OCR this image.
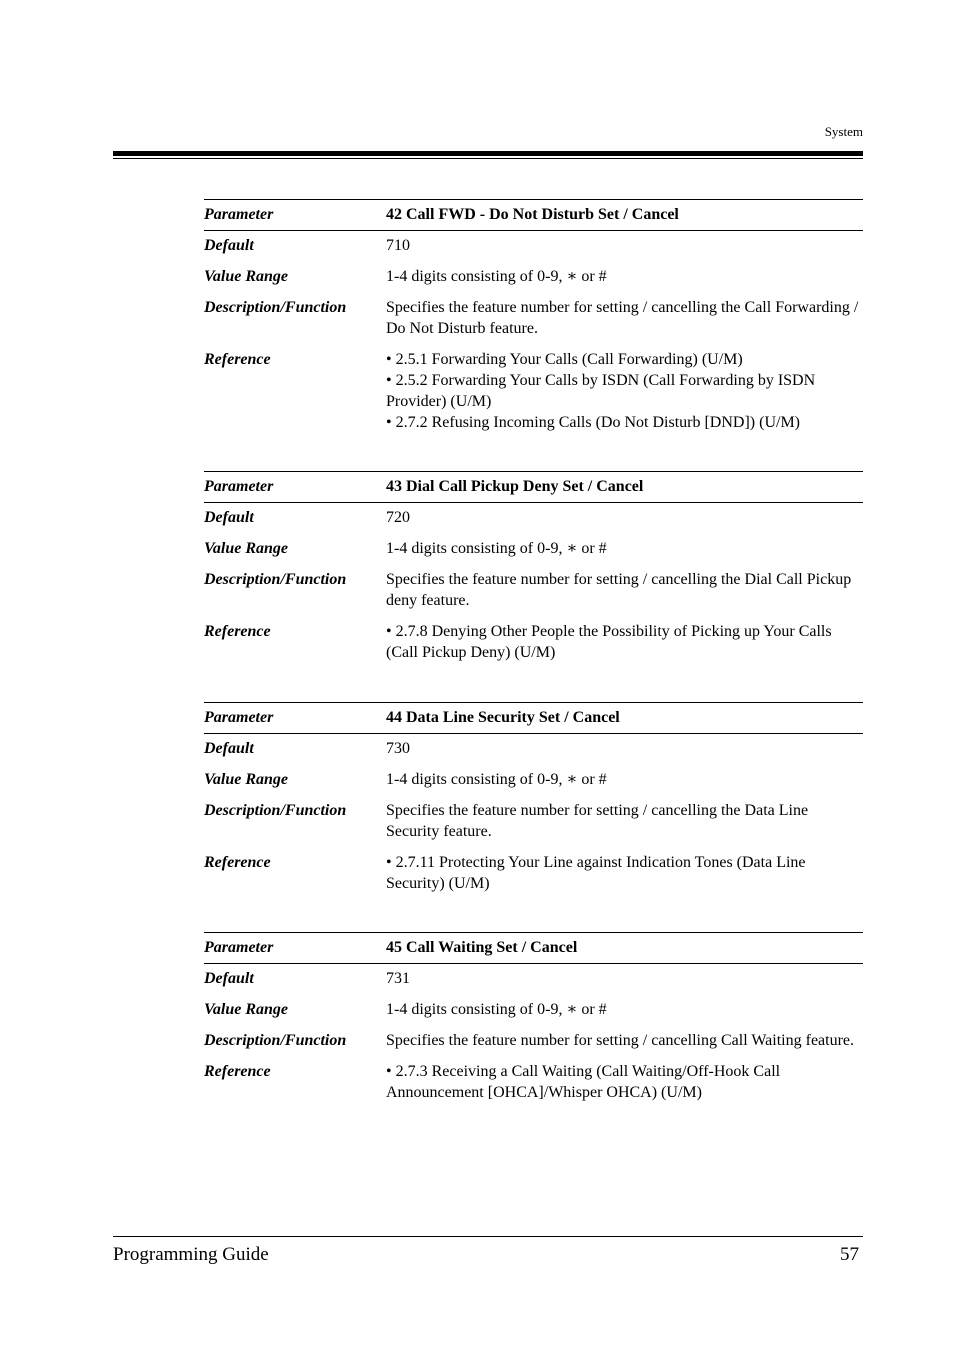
System
Parameter	42 Call FWD - Do Not Disturb Set / Cancel
Default	710
Value Range	1-4 digits consisting of 0-9, ∗ or #
Description/Function	Specifies the feature number for setting / cancelling the Call Forwarding / Do Not Disturb feature.
Reference	• 2.5.1 Forwarding Your Calls (Call Forwarding) (U/M)
• 2.5.2 Forwarding Your Calls by ISDN (Call Forwarding by ISDN Provider) (U/M)
• 2.7.2 Refusing Incoming Calls (Do Not Disturb [DND]) (U/M)
Parameter	43 Dial Call Pickup Deny Set / Cancel
Default	720
Value Range	1-4 digits consisting of 0-9, ∗ or #
Description/Function	Specifies the feature number for setting / cancelling the Dial Call Pickup deny feature.
Reference	• 2.7.8 Denying Other People the Possibility of Picking up Your Calls (Call Pickup Deny) (U/M)
Parameter	44 Data Line Security Set / Cancel
Default	730
Value Range	1-4 digits consisting of 0-9, ∗ or #
Description/Function	Specifies the feature number for setting / cancelling the Data Line Security feature.
Reference	• 2.7.11 Protecting Your Line against Indication Tones (Data Line Security) (U/M)
Parameter	45 Call Waiting Set / Cancel
Default	731
Value Range	1-4 digits consisting of 0-9, ∗ or #
Description/Function	Specifies the feature number for setting / cancelling Call Waiting feature.
Reference	• 2.7.3 Receiving a Call Waiting (Call Waiting/Off-Hook Call Announcement [OHCA]/Whisper OHCA) (U/M)
Programming Guide	57
